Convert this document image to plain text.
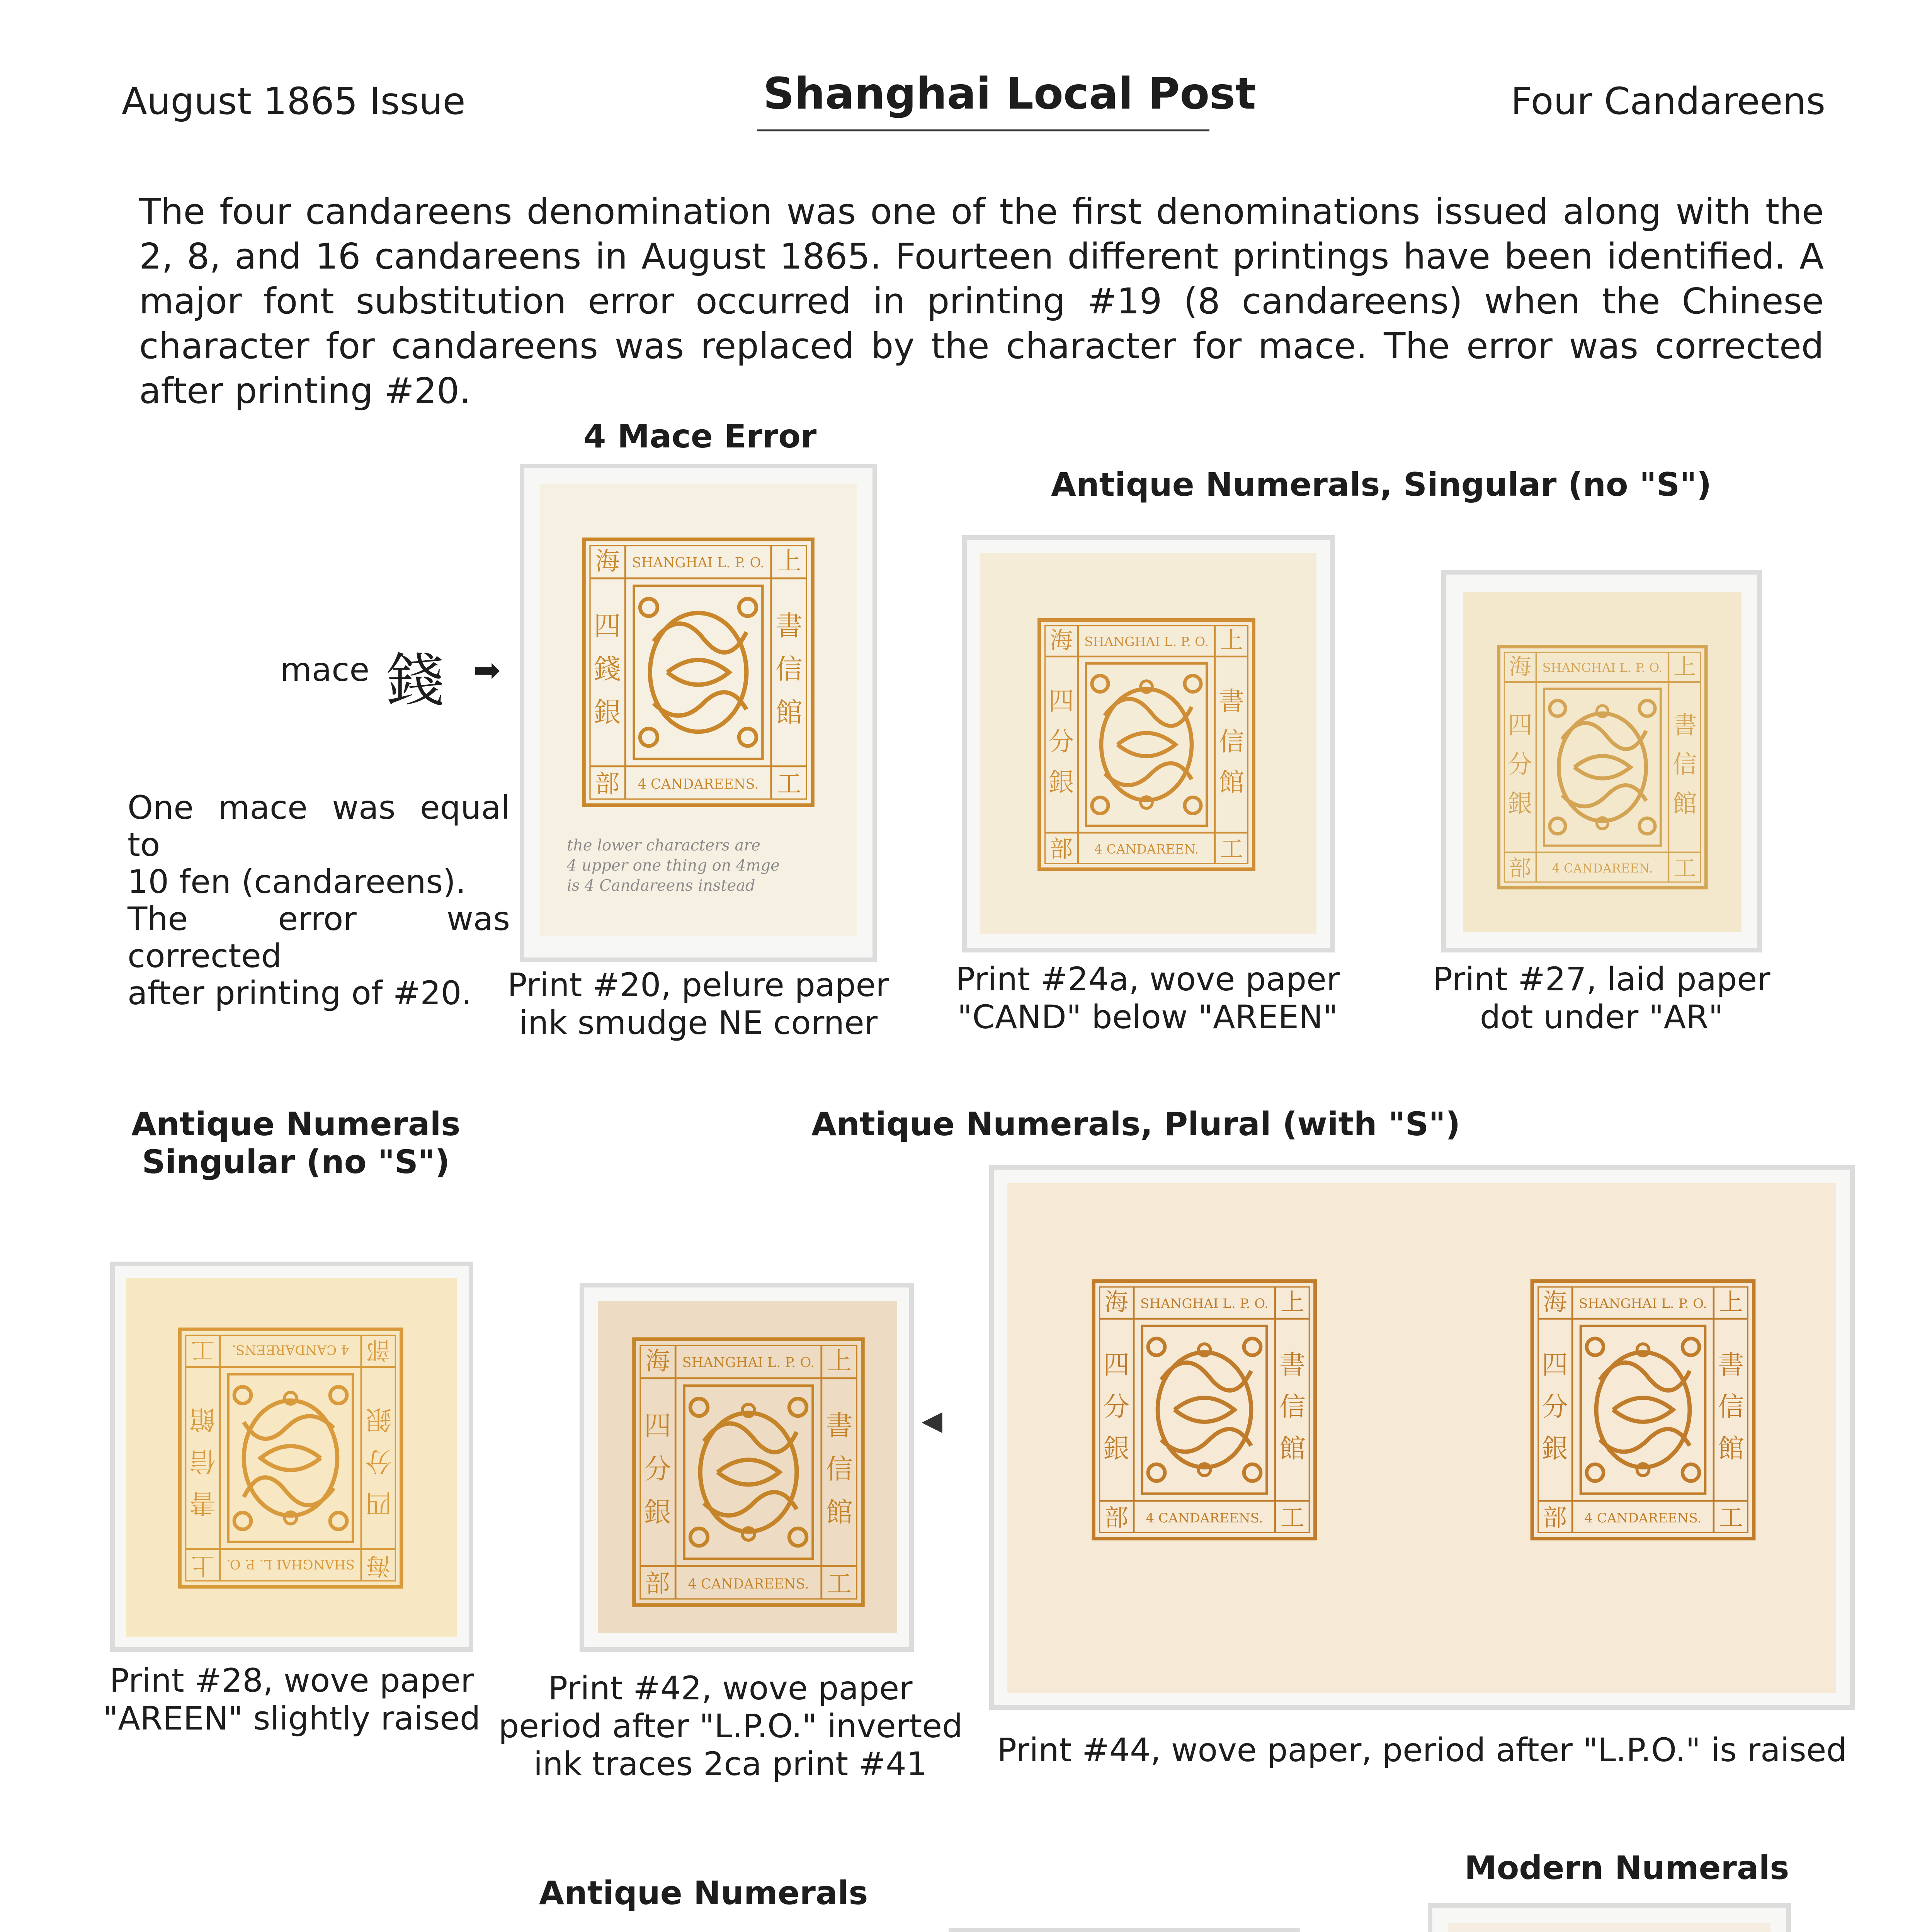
August 1865 Issue	Shanghai Local Post	Four Candareens
The four candareens denomination was one of the first denominations issued along with the 2, 8, and 16 candareens in August 1865. Fourteen different printings have been identified. A major font substitution error occurred in printing #19 (8 candareens) when the Chinese character for candareens was replaced by the character for mace. The error was corrected after printing #20.
4 Mace Error
Antique Numerals, Singular (no "S")
mace 錢 ➡
One mace was equal to
10 fen (candareens).
The error was corrected
after printing of #20.
the lower characters are
4 upper one thing on 4mge
is 4 Candareens instead
Print #20, pelure paper
ink smudge NE corner
Print #24a, wove paper
"CAND" below "AREEN"
Print #27, laid paper
dot under "AR"
Antique Numerals
Singular (no "S")
Antique Numerals, Plural (with "S")
Print #28, wove paper
"AREEN" slightly raised
◀
Print #42, wove paper
period after "L.P.O." inverted
ink traces 2ca print #41	Print #44, wove paper, period after "L.P.O." is raised
Antique Numerals
Modern Numerals
